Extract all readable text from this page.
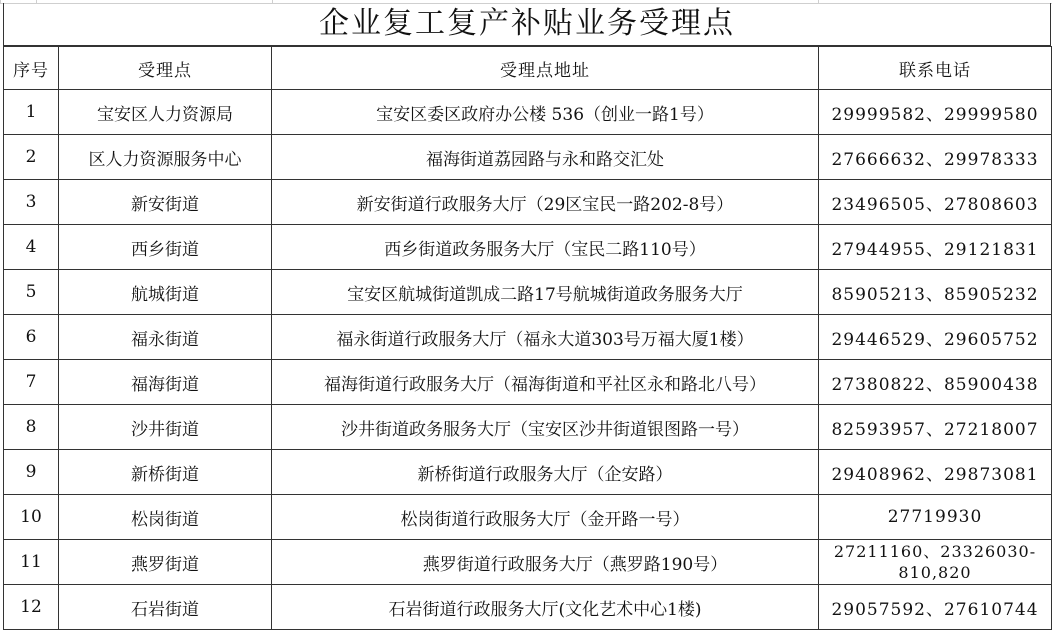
企业复工复产补贴业务受理点
序号	受理点	受理点地址	联系电话
1	宝安区人力资源局	宝安区委区政府办公楼 536（创业一路1号）	29999582、29999580
2	区人力资源服务中心	福海街道荔园路与永和路交汇处	27666632、29978333
3	新安街道	新安街道行政服务大厅（29区宝民一路202-8号）	23496505、27808603
4	西乡街道	西乡街道政务服务大厅（宝民二路110号）	27944955、29121831
5	航城街道	宝安区航城街道凯成二路17号航城街道政务服务大厅	85905213、85905232
6	福永街道	福永街道行政服务大厅（福永大道303号万福大厦1楼）	29446529、29605752
7	福海街道	福海街道行政服务大厅（福海街道和平社区永和路北八号）	27380822、85900438
8	沙井街道	沙井街道政务服务大厅（宝安区沙井街道银图路一号）	82593957、27218007
9	新桥街道	新桥街道行政服务大厅（企安路）	29408962、29873081
10	松岗街道	松岗街道行政服务大厅（金开路一号）	27719930
11	燕罗街道	燕罗街道行政服务大厅（燕罗路190号）	27211160、23326030-810,820
12	石岩街道	石岩街道行政服务大厅(文化艺术中心1楼)	29057592、27610744
